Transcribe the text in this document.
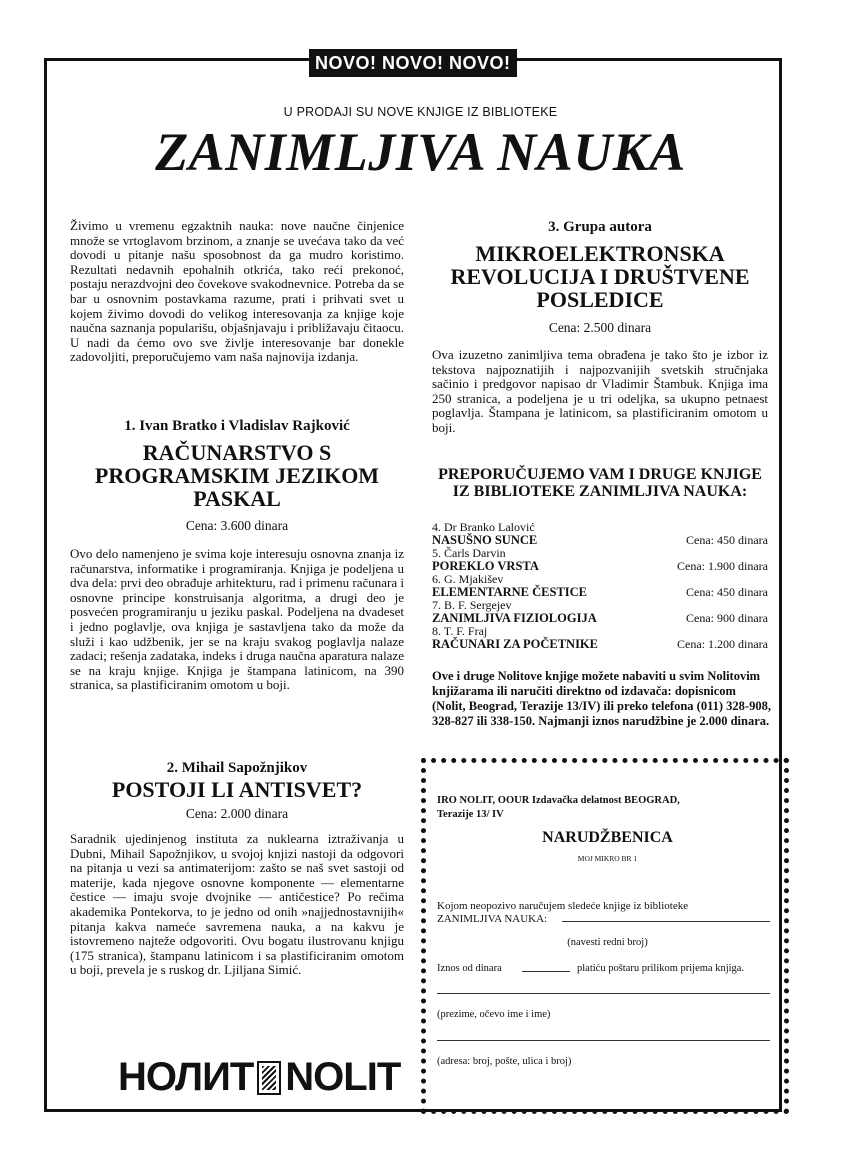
NOVO! NOVO! NOVO!
U PRODAJI SU NOVE KNJIGE IZ BIBLIOTEKE
ZANIMLJIVA NAUKA
Živimo u vremenu egzaktnih nauka: nove naučne činjenice množe se vrtoglavom brzinom, a znanje se uvećava tako da već dovodi u pitanje našu sposobnost da ga mudro koristimo. Rezultati nedavnih epohalnih otkrića, tako reći prekonoć, postaju nerazdvojni deo čovekove svakodnevnice. Potreba da se bar u osnovnim postavkama razume, prati i prihvati svet u kojem živimo dovodi do velikog interesovanja za knjige koje naučna saznanja popularišu, objašnjavaju i približavaju čitaocu. U nadi da ćemo ovo sve življe interesovanje bar donekle zadovoljiti, preporučujemo vam naša najnovija izdanja.
1. Ivan Bratko i Vladislav Rajković
RAČUNARSTVO S PROGRAMSKIM JEZIKOM PASKAL
Cena: 3.600 dinara
Ovo delo namenjeno je svima koje interesuju osnovna znanja iz računarstva, informatike i programiranja. Knjiga je podeljena u dva dela: prvi deo obrađuje arhitekturu, rad i primenu računara i osnovne principe konstruisanja algoritma, a drugi deo je posvećen programiranju u jeziku paskal. Podeljena na dvadeset i jedno poglavlje, ova knjiga je sastavljena tako da može da služi i kao udžbenik, jer se na kraju svakog poglavlja nalaze zadaci; rešenja zadataka, indeks i druga naučna aparatura nalaze se na kraju knjige. Knjiga je štampana latinicom, na 390 stranica, sa plastificiranim omotom u boji.
2. Mihail Sapožnjikov
POSTOJI LI ANTISVET?
Cena: 2.000 dinara
Saradnik ujedinjenog instituta za nuklearna iztraživanja u Dubni, Mihail Sapožnjikov, u svojoj knjizi nastoji da odgovori na pitanja u vezi sa antimaterijom: zašto se naš svet sastoji od materije, kada njegove osnovne komponente — elementarne čestice — imaju svoje dvojnike — antičestice? Po rečima akademika Pontekorva, to je jedno od onih »najjednostavnijih« pitanja kakva nameće savremena nauka, a na kakvu je istovremeno najteže odgovoriti. Ovu bogatu ilustrovanu knjigu (175 stranica), štampanu latinicom i sa plastificiranim omotom u boji, prevela je s ruskog dr. Ljiljana Simić.
НОЛИТ NOLIT
3. Grupa autora
MIKROELEKTRONSKA REVOLUCIJA I DRUŠTVENE POSLEDICE
Cena: 2.500 dinara
Ova izuzetno zanimljiva tema obrađena je tako što je izbor iz tekstova najpoznatijih i najpozvanijih svetskih stručnjaka sačinio i predgovor napisao dr Vladimir Štambuk. Knjiga ima 250 stranica, a podeljena je u tri odeljka, sa ukupno petnaest poglavlja. Štampana je latinicom, sa plastificiranim omotom u boji.
PREPORUČUJEMO VAM I DRUGE KNJIGE IZ BIBLIOTEKE ZANIMLJIVA NAUKA:
4. Dr Branko Lalović
NASUŠNO SUNCE	Cena: 450 dinara
5. Čarls Darvin
POREKLO VRSTA	Cena: 1.900 dinara
6. G. Mjakišev
ELEMENTARNE ČESTICE	Cena: 450 dinara
7. B. F. Sergejev
ZANIMLJIVA FIZIOLOGIJA	Cena: 900 dinara
8. T. F. Fraj
RAČUNARI ZA POČETNIKE	Cena: 1.200 dinara
Ove i druge Nolitove knjige možete nabaviti u svim Nolitovim knjižarama ili naručiti direktno od izdavača: dopisnicom (Nolit, Beograd, Terazije 13/IV) ili preko telefona (011) 328-908, 328-827 ili 338-150. Najmanji iznos narudžbine je 2.000 dinara.
IRO NOLIT, OOUR Izdavačka delatnost BEOGRAD,
Terazije 13/ IV
NARUDŽBENICA
MOJ MIKRO BR 1
Kojom neopozivo naručujem sledeće knjige iz biblioteke
ZANIMLJIVA NAUKA:
(navesti redni broj)
Iznos od dinara	platiću poštaru prilikom prijema knjiga.
(prezime, očevo ime i ime)
(adresa: broj, pošte, ulica i broj)
